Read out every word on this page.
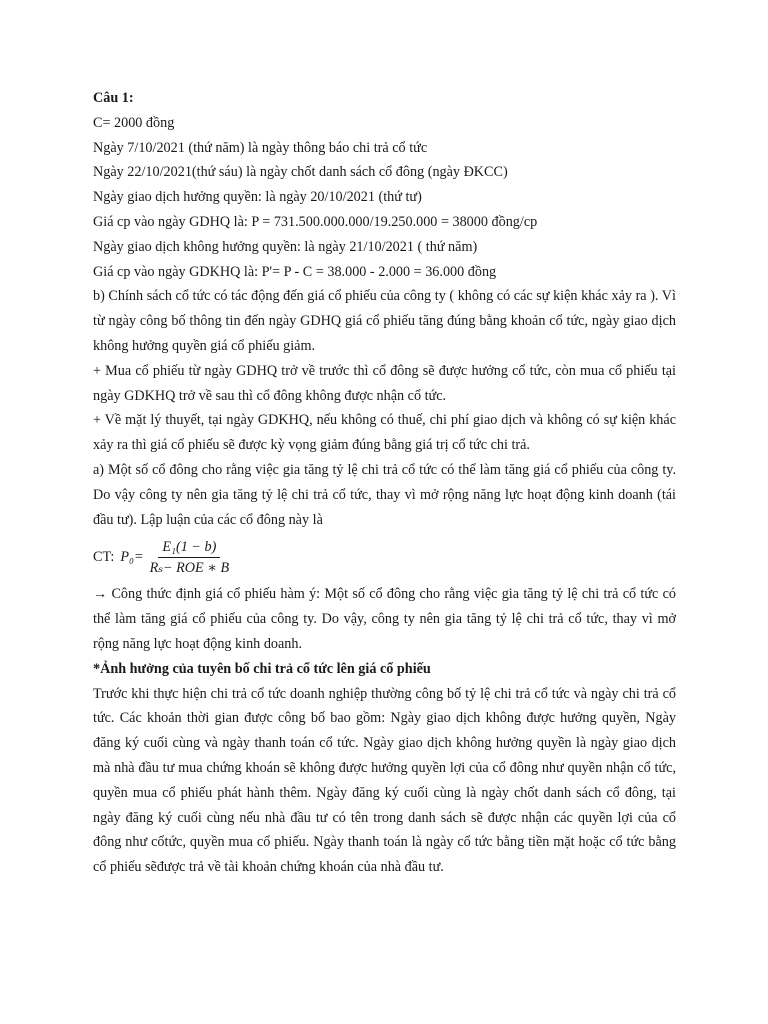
Câu 1:

C= 2000 đồng

Ngày 7/10/2021 (thứ năm) là ngày thông báo chi trả cổ tức

Ngày 22/10/2021(thứ sáu) là ngày chốt danh sách cổ đông (ngày ĐKCC)

Ngày giao dịch hưởng quyền: là ngày 20/10/2021 (thứ tư)

Giá cp vào ngày GDHQ là: P = 731.500.000.000/19.250.000 = 38000 đồng/cp

Ngày giao dịch không hưởng quyền: là ngày 21/10/2021 ( thứ năm)

Giá cp vào ngày GDKHQ là: P'= P - C = 38.000 - 2.000 = 36.000 đồng

b) Chính sách cổ tức có tác động đến giá cổ phiếu của công ty ( không có các sự kiện khác xảy ra ). Vì từ ngày công bố thông tin đến ngày GDHQ giá cổ phiếu tăng đúng bằng khoản cổ tức, ngày giao dịch không hưởng quyền giá cổ phiếu giảm.

+ Mua cổ phiếu từ ngày GDHQ trở về trước thì cổ đông sẽ được hưởng cổ tức, còn mua cổ phiếu tại ngày GDKHQ trở về sau thì cổ đông không được nhận cổ tức.

+ Về mặt lý thuyết, tại ngày GDKHQ, nếu không có thuế, chi phí giao dịch và không có sự kiện khác xảy ra thì giá cổ phiếu sẽ được kỳ vọng giảm đúng bằng giá trị cổ tức chi trả.

a) Một số cổ đông cho rằng việc gia tăng tỷ lệ chi trả cổ tức có thể làm tăng giá cổ phiếu của công ty. Do vậy công ty nên gia tăng tỷ lệ chi trả cổ tức, thay vì mở rộng năng lực hoạt động kinh doanh (tái đầu tư). Lập luận của các cổ đông này là

CT: $P_0= \frac{\text{E₁(1 − b)}}{\text{Rₛ− ROE ∗ B}}$

→ Công thức định giá cổ phiếu hàm ý: Một số cổ đông cho rằng việc gia tăng tỷ lệ chi trả cổ tức có thể làm tăng giá cổ phiếu của công ty. Do vậy, công ty nên gia tăng tỷ lệ chi trả cổ tức, thay vì mở rộng năng lực hoạt động kinh doanh.

*Ảnh hưởng của tuyên bố chi trả cổ tức lên giá cổ phiếu

Trước khi thực hiện chi trả cổ tức doanh nghiệp thường công bố tỷ lệ chi trả cổ tức và ngày chi trả cổ tức. Các khoản thời gian được công bố bao gồm: Ngày giao dịch không được hưởng quyền, Ngày đăng ký cuối cùng và ngày thanh toán cổ tức. Ngày giao dịch không hưởng quyền là ngày giao dịch mà nhà đầu tư mua chứng khoán sẽ không được hưởng quyền lợi của cổ đông như quyền nhận cổ tức, quyền mua cổ phiếu phát hành thêm. Ngày đăng ký cuối cùng là ngày chốt danh sách cổ đông, tại ngày đăng ký cuối cùng nếu nhà đầu tư có tên trong danh sách sẽ được nhận các quyền lợi của cổ đông như cổtức, quyền mua cổ phiếu. Ngày thanh toán là ngày cổ tức bằng tiền mặt hoặc cổ tức bằng cổ phiếu sẽđược trả về tài khoản chứng khoán của nhà đầu tư.
